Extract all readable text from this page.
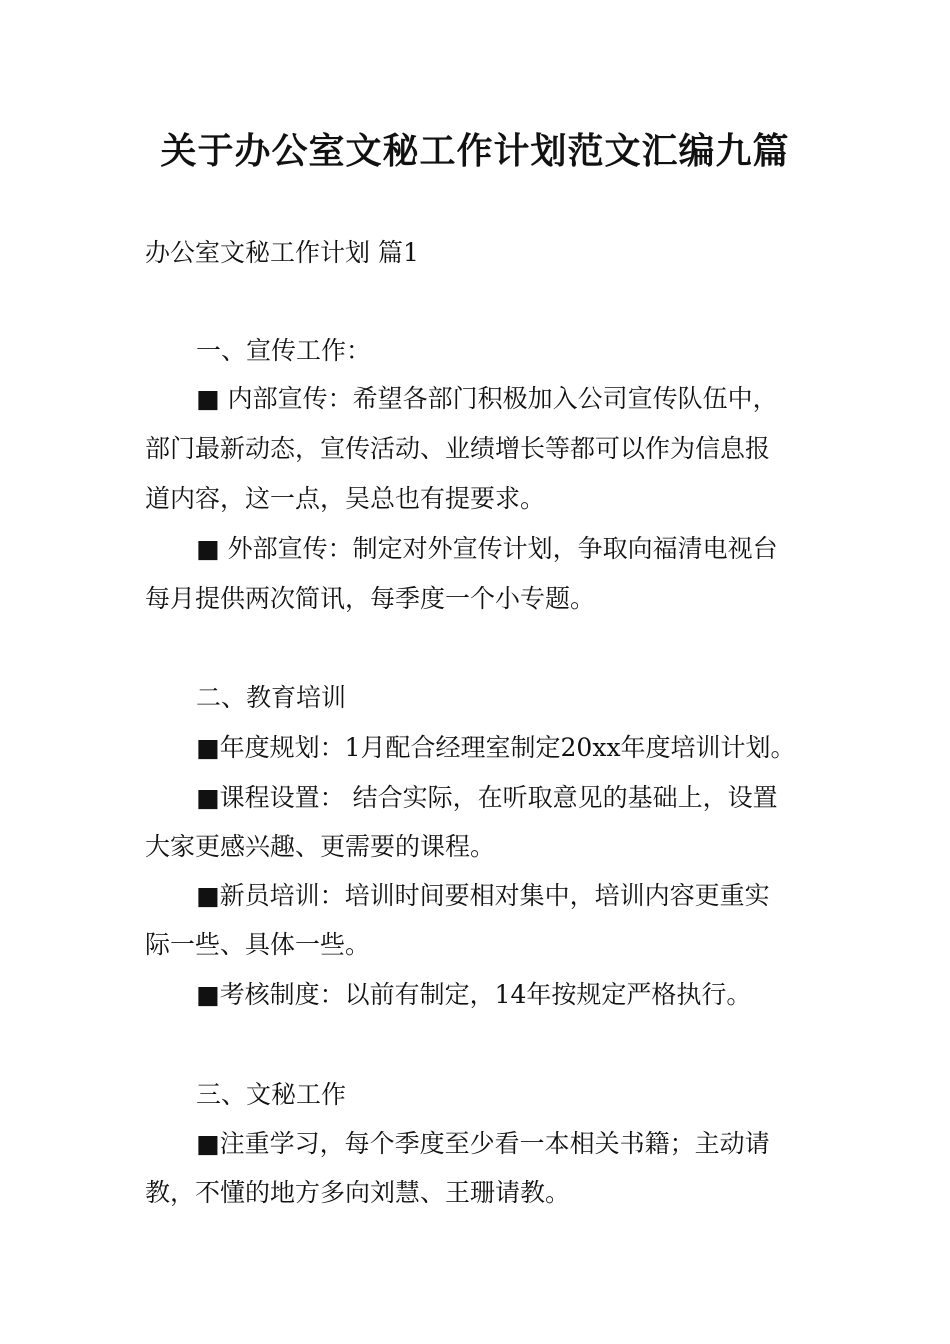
关于办公室文秘工作计划范文汇编九篇

办公室文秘工作计划 篇1

一、宣传工作：

■ 内部宣传：希望各部门积极加入公司宣传队伍中，

部门最新动态，宣传活动、业绩增长等都可以作为信息报

道内容，这一点，吴总也有提要求。

■ 外部宣传：制定对外宣传计划，争取向福清电视台

每月提供两次简讯，每季度一个小专题。

二、教育培训

■年度规划：1月配合经理室制定20xx年度培训计划。

■课程设置： 结合实际，在听取意见的基础上，设置

大家更感兴趣、更需要的课程。

■新员培训：培训时间要相对集中，培训内容更重实

际一些、具体一些。

■考核制度：以前有制定，14年按规定严格执行。

三、文秘工作

■注重学习，每个季度至少看一本相关书籍；主动请

教，不懂的地方多向刘慧、王珊请教。
